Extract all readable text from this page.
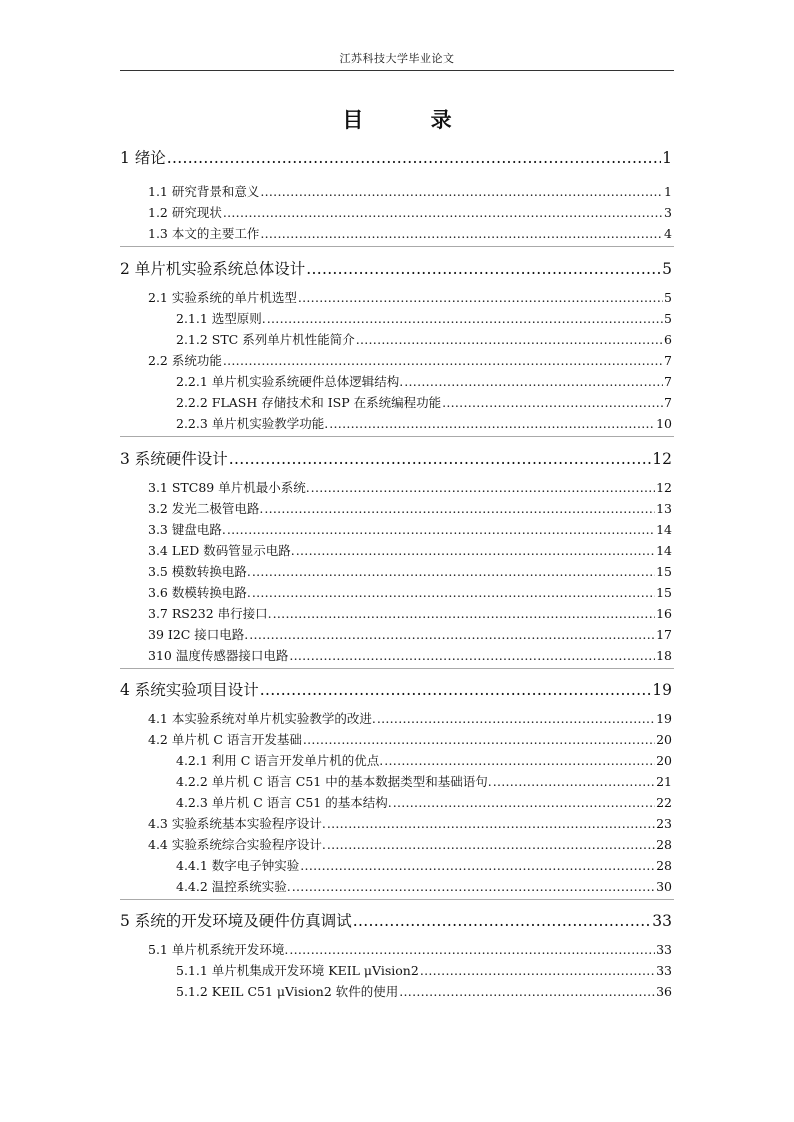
江苏科技大学毕业论文
目 录
1 绪论 .....	1
1.1 研究背景和意义 .....	1
1.2 研究现状 .....	3
1.3 本文的主要工作 .....	4
2 单片机实验系统总体设计 .....	5
2.1 实验系统的单片机选型 .....	5
2.1.1 选型原则. .....	5
2.1.2 STC 系列单片机性能简介 .....	6
2.2 系统功能 .....	7
2.2.1 单片机实验系统硬件总体逻辑结构. .....	7
2.2.2 FLASH 存储技术和 ISP 在系统编程功能 .....	7
2.2.3 单片机实验教学功能. .....	10
3 系统硬件设计 .....	12
3.1 STC89 单片机最小系统. .....	12
3.2 发光二极管电路. .....	13
3.3 键盘电路. .....	14
3.4 LED 数码管显示电路. .....	14
3.5 模数转换电路. .....	15
3.6 数模转换电路. .....	15
3.7 RS232 串行接口. .....	16
39 I2C 接口电路. .....	17
310 温度传感器接口电路 .....	18
4 系统实验项目设计 .....	19
4.1 本实验系统对单片机实验教学的改进. .....	19
4.2 单片机 C 语言开发基础 .....	20
4.2.1 利用 C 语言开发单片机的优点. .....	20
4.2.2 单片机 C 语言 C51 中的基本数据类型和基础语句. .....	21
4.2.3 单片机 C 语言 C51 的基本结构. .....	22
4.3 实验系统基本实验程序设计. .....	23
4.4 实验系统综合实验程序设计. .....	28
4.4.1 数字电子钟实验 .....	28
4.4.2 温控系统实验. .....	30
5 系统的开发环境及硬件仿真调试 .....	33
5.1 单片机系统开发环境. .....	33
5.1.1 单片机集成开发环境 KEIL μVision2 .....	33
5.1.2 KEIL C51 μVision2 软件的使用 .....	36
